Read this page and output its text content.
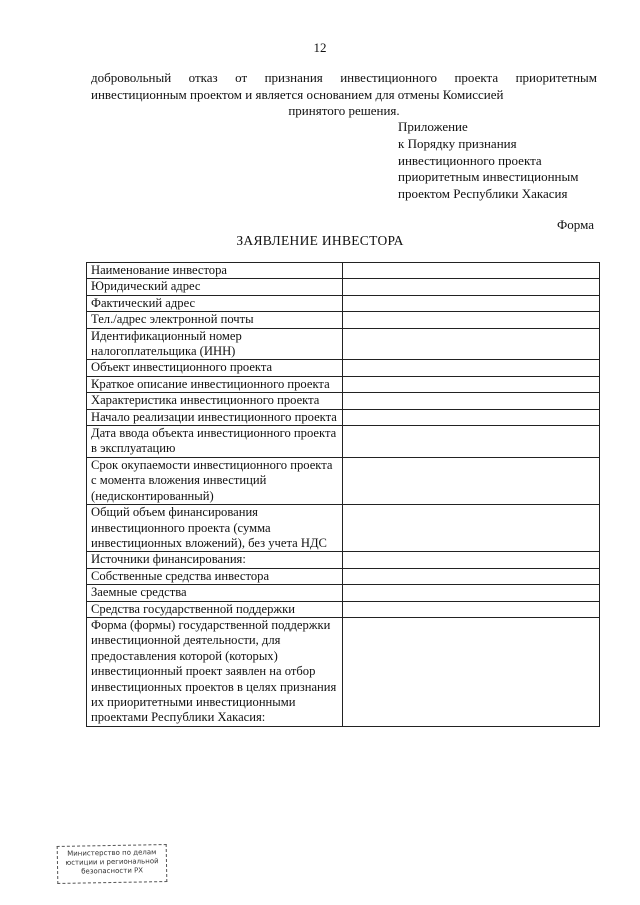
12
добровольный отказ от признания инвестиционного проекта приоритетным инвестиционным проектом и является основанием для отмены Комиссией
принятого решения.
Приложение
к Порядку признания
инвестиционного проекта
приоритетным инвестиционным
проектом Республики Хакасия
Форма
ЗАЯВЛЕНИЕ ИНВЕСТОРА
Наименование инвестора	
Юридический адрес	
Фактический адрес	
Тел./адрес электронной почты	
Идентификационный номер налогоплательщика (ИНН)	
Объект инвестиционного проекта	
Краткое описание инвестиционного проекта	
Характеристика инвестиционного проекта	
Начало реализации инвестиционного проекта	
Дата ввода объекта инвестиционного проекта в эксплуатацию	
Срок окупаемости инвестиционного проекта с момента вложения инвестиций (недисконтированный)	
Общий объем финансирования инвестиционного проекта (сумма инвестиционных вложений), без учета НДС	
Источники финансирования:	
Собственные средства инвестора	
Заемные средства	
Средства государственной поддержки	
Форма (формы) государственной поддержки инвестиционной деятельности, для предоставления которой (которых) инвестиционный проект заявлен на отбор инвестиционных проектов в целях признания их приоритетными инвестиционными проектами Республики Хакасия:	
Министерство по делам
юстиции и региональной
безопасности РХ
